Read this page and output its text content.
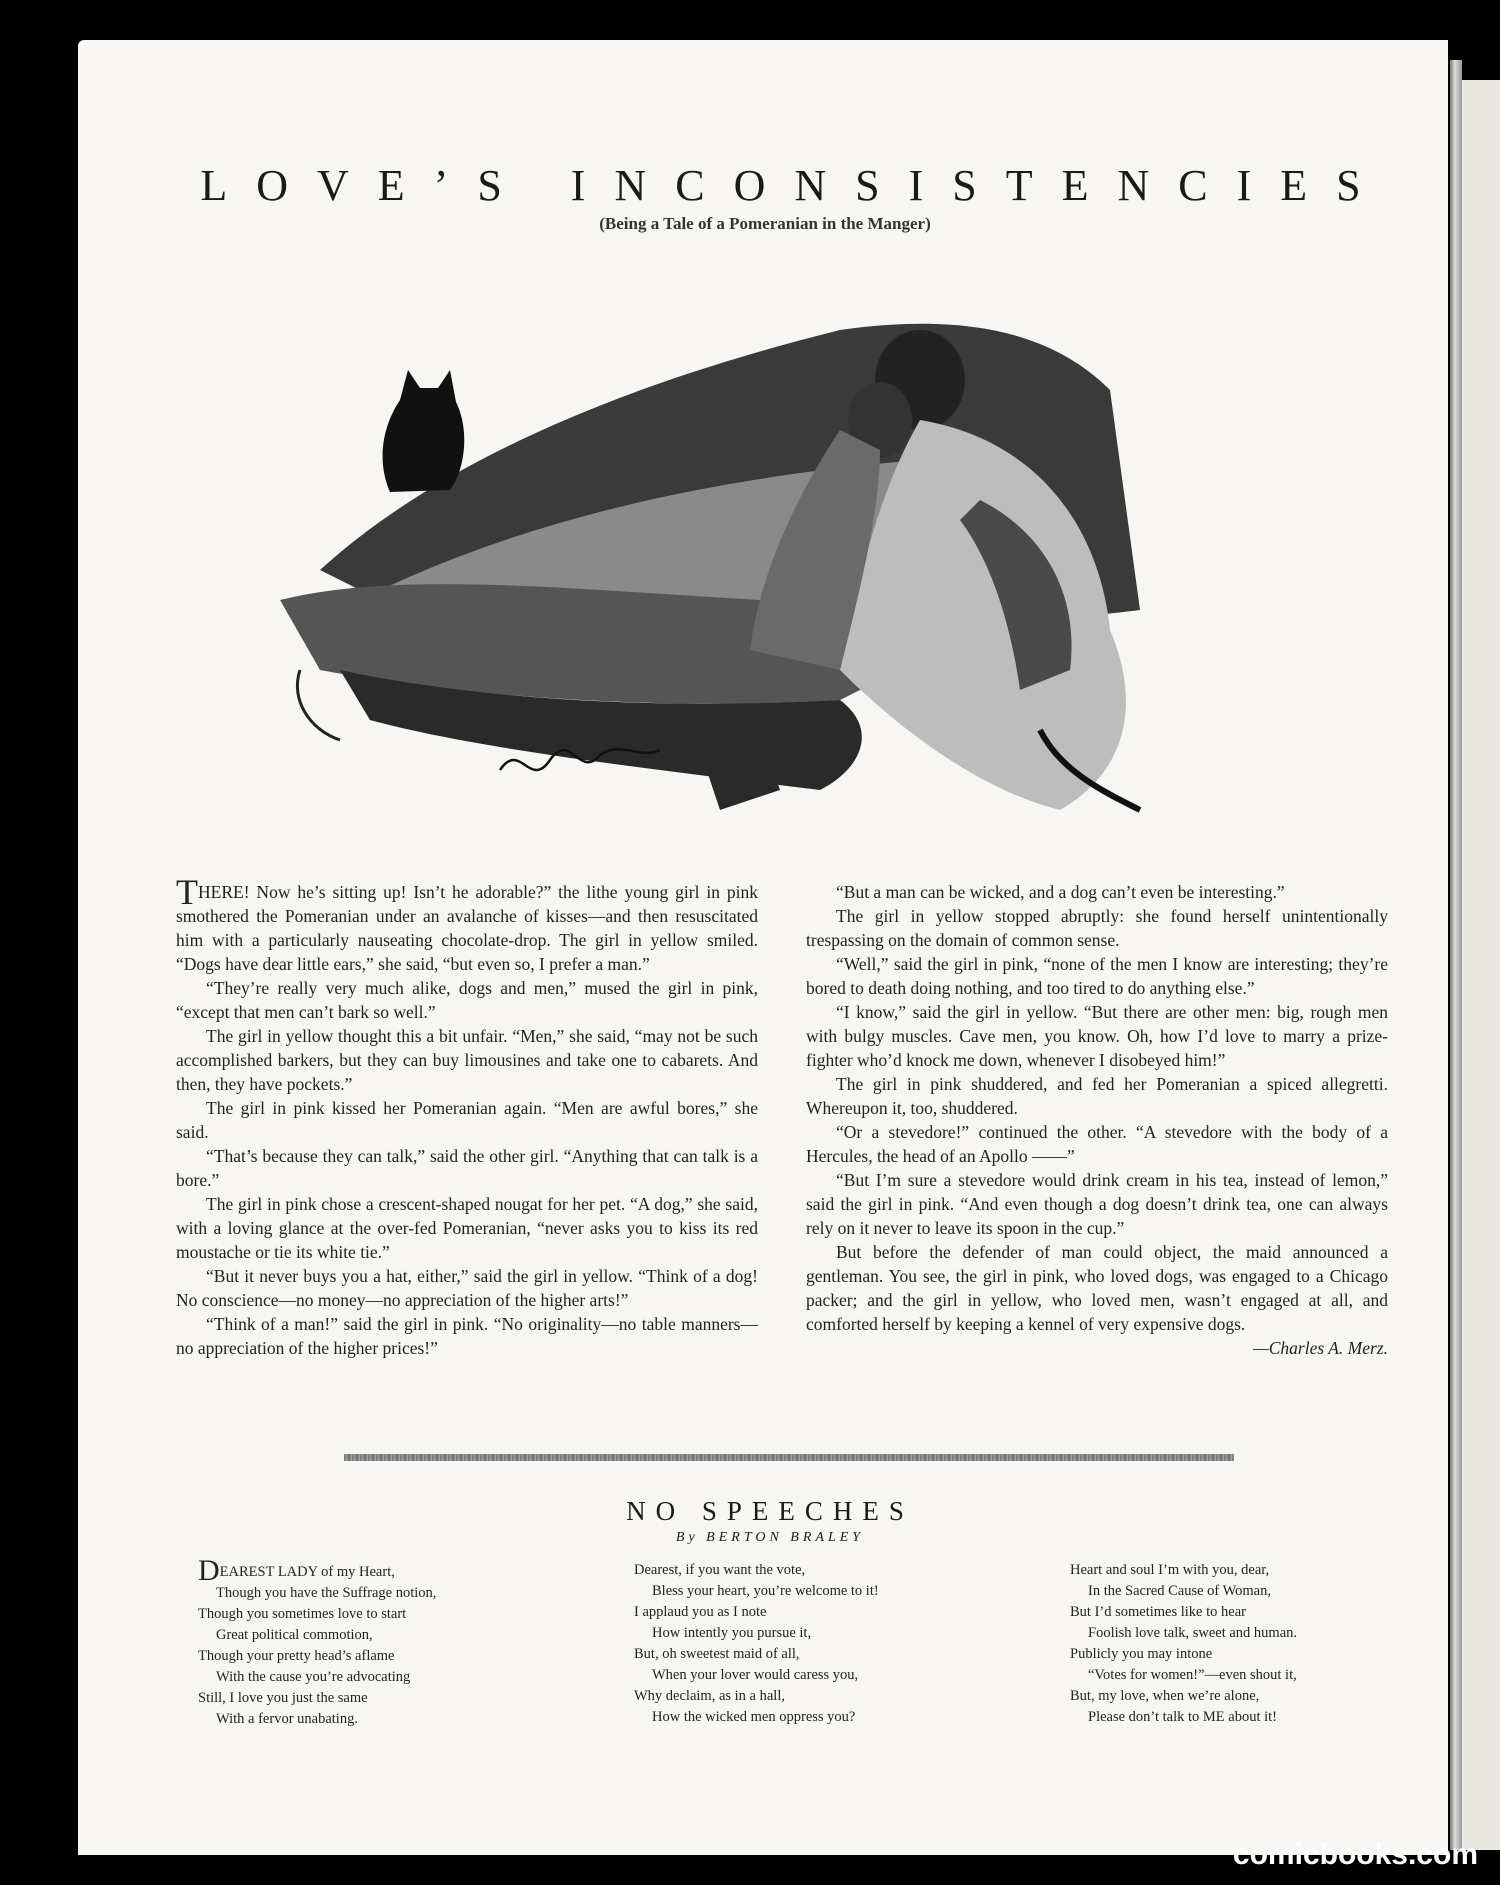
LOVE’S INCONSISTENCIES
(Being a Tale of a Pomeranian in the Manger)

THERE! Now he’s sitting up! Isn’t he adorable?” the lithe young girl in pink smothered the Pomeranian under an avalanche of kisses—and then resuscitated him with a particularly nauseating chocolate-drop. The girl in yellow smiled. “Dogs have dear little ears,” she said, “but even so, I prefer a man.”

“They’re really very much alike, dogs and men,” mused the girl in pink, “except that men can’t bark so well.”

The girl in yellow thought this a bit unfair. “Men,” she said, “may not be such accomplished barkers, but they can buy limousines and take one to cabarets. And then, they have pockets.”

The girl in pink kissed her Pomeranian again. “Men are awful bores,” she said.

“That’s because they can talk,” said the other girl. “Anything that can talk is a bore.”

The girl in pink chose a crescent-shaped nougat for her pet. “A dog,” she said, with a loving glance at the over-fed Pomeranian, “never asks you to kiss its red moustache or tie its white tie.”

“But it never buys you a hat, either,” said the girl in yellow. “Think of a dog! No conscience—no money—no appreciation of the higher arts!”

“Think of a man!” said the girl in pink. “No originality—no table manners—no appreciation of the higher prices!”

“But a man can be wicked, and a dog can’t even be interesting.”

The girl in yellow stopped abruptly: she found herself unintentionally trespassing on the domain of common sense.

“Well,” said the girl in pink, “none of the men I know are interesting; they’re bored to death doing nothing, and too tired to do anything else.”

“I know,” said the girl in yellow. “But there are other men: big, rough men with bulgy muscles. Cave men, you know. Oh, how I’d love to marry a prize-fighter who’d knock me down, whenever I disobeyed him!”

The girl in pink shuddered, and fed her Pomeranian a spiced allegretti. Whereupon it, too, shuddered.

“Or a stevedore!” continued the other. “A stevedore with the body of a Hercules, the head of an Apollo ——”

“But I’m sure a stevedore would drink cream in his tea, instead of lemon,” said the girl in pink. “And even though a dog doesn’t drink tea, one can always rely on it never to leave its spoon in the cup.”

But before the defender of man could object, the maid announced a gentleman. You see, the girl in pink, who loved dogs, was engaged to a Chicago packer; and the girl in yellow, who loved men, wasn’t engaged at all, and comforted herself by keeping a kennel of very expensive dogs.

—Charles A. Merz.

NO SPEECHES
By BERTON BRALEY
DEAREST LADY of my Heart,
Though you have the Suffrage notion,
Though you sometimes love to start
Great political commotion,
Though your pretty head’s aflame
With the cause you’re advocating
Still, I love you just the same
With a fervor unabating.
Dearest, if you want the vote,
Bless your heart, you’re welcome to it!
I applaud you as I note
How intently you pursue it,
But, oh sweetest maid of all,
When your lover would caress you,
Why declaim, as in a hall,
How the wicked men oppress you?
Heart and soul I’m with you, dear,
In the Sacred Cause of Woman,
But I’d sometimes like to hear
Foolish love talk, sweet and human.
Publicly you may intone
“Votes for women!”—even shout it,
But, my love, when we’re alone,
Please don’t talk to ME about it!
comicbooks.com
